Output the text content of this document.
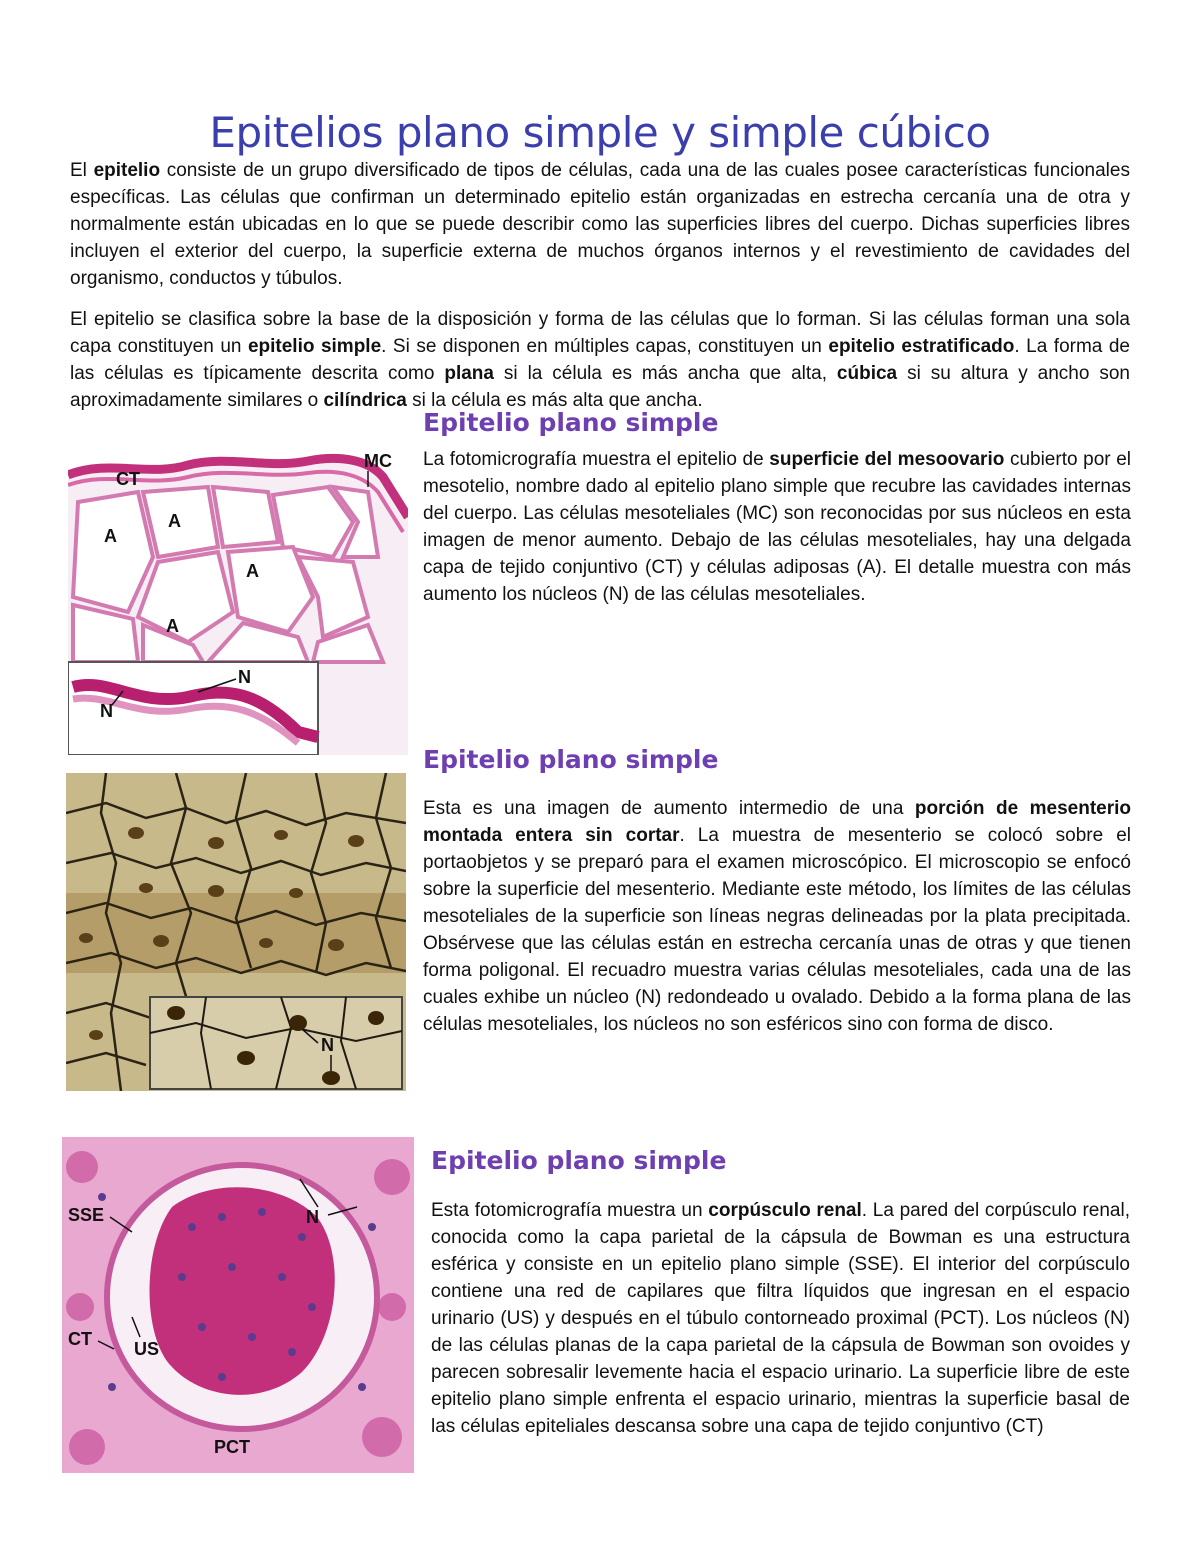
Epitelios plano simple y simple cúbico

El epitelio consiste de un grupo diversificado de tipos de células, cada una de las cuales posee características funcionales específicas. Las células que confirman un determinado epitelio están organizadas en estrecha cercanía una de otra y normalmente están ubicadas en lo que se puede describir como las superficies libres del cuerpo. Dichas superficies libres incluyen el exterior del cuerpo, la superficie externa de muchos órganos internos y el revestimiento de cavidades del organismo, conductos y túbulos.

El epitelio se clasifica sobre la base de la disposición y forma de las células que lo forman. Si las células forman una sola capa constituyen un epitelio simple. Si se disponen en múltiples capas, constituyen un epitelio estratificado. La forma de las células es típicamente descrita como plana si la célula es más ancha que alta, cúbica si su altura y ancho son aproximadamente similares o cilíndrica si la célula es más alta que ancha.

CT
MC
A
A
A
A
N
N
Epitelio plano simple

La fotomicrografía muestra el epitelio de superficie del mesoovario cubierto por el mesotelio, nombre dado al epitelio plano simple que recubre las cavidades internas del cuerpo. Las células mesoteliales (MC) son reconocidas por sus núcleos en esta imagen de menor aumento. Debajo de las células mesoteliales, hay una delgada capa de tejido conjuntivo (CT) y células adiposas (A). El detalle muestra con más aumento los núcleos (N) de las células mesoteliales.

N
Epitelio plano simple

Esta es una imagen de aumento intermedio de una porción de mesenterio montada entera sin cortar. La muestra de mesenterio se colocó sobre el portaobjetos y se preparó para el examen microscópico. El microscopio se enfocó sobre la superficie del mesenterio. Mediante este método, los límites de las células mesoteliales de la superficie son líneas negras delineadas por la plata precipitada. Obsérvese que las células están en estrecha cercanía unas de otras y que tienen forma poligonal. El recuadro muestra varias células mesoteliales, cada una de las cuales exhibe un núcleo (N) redondeado u ovalado. Debido a la forma plana de las células mesoteliales, los núcleos no son esféricos sino con forma de disco.

SSE	N
CT US
PCT
Epitelio plano simple

Esta fotomicrografía muestra un corpúsculo renal. La pared del corpúsculo renal, conocida como la capa parietal de la cápsula de Bowman es una estructura esférica y consiste en un epitelio plano simple (SSE). El interior del corpúsculo contiene una red de capilares que filtra líquidos que ingresan en el espacio urinario (US) y después en el túbulo contorneado proximal (PCT). Los núcleos (N) de las células planas de la capa parietal de la cápsula de Bowman son ovoides y parecen sobresalir levemente hacia el espacio urinario. La superficie libre de este epitelio plano simple enfrenta el espacio urinario, mientras la superficie basal de las células epiteliales descansa sobre una capa de tejido conjuntivo (CT)
